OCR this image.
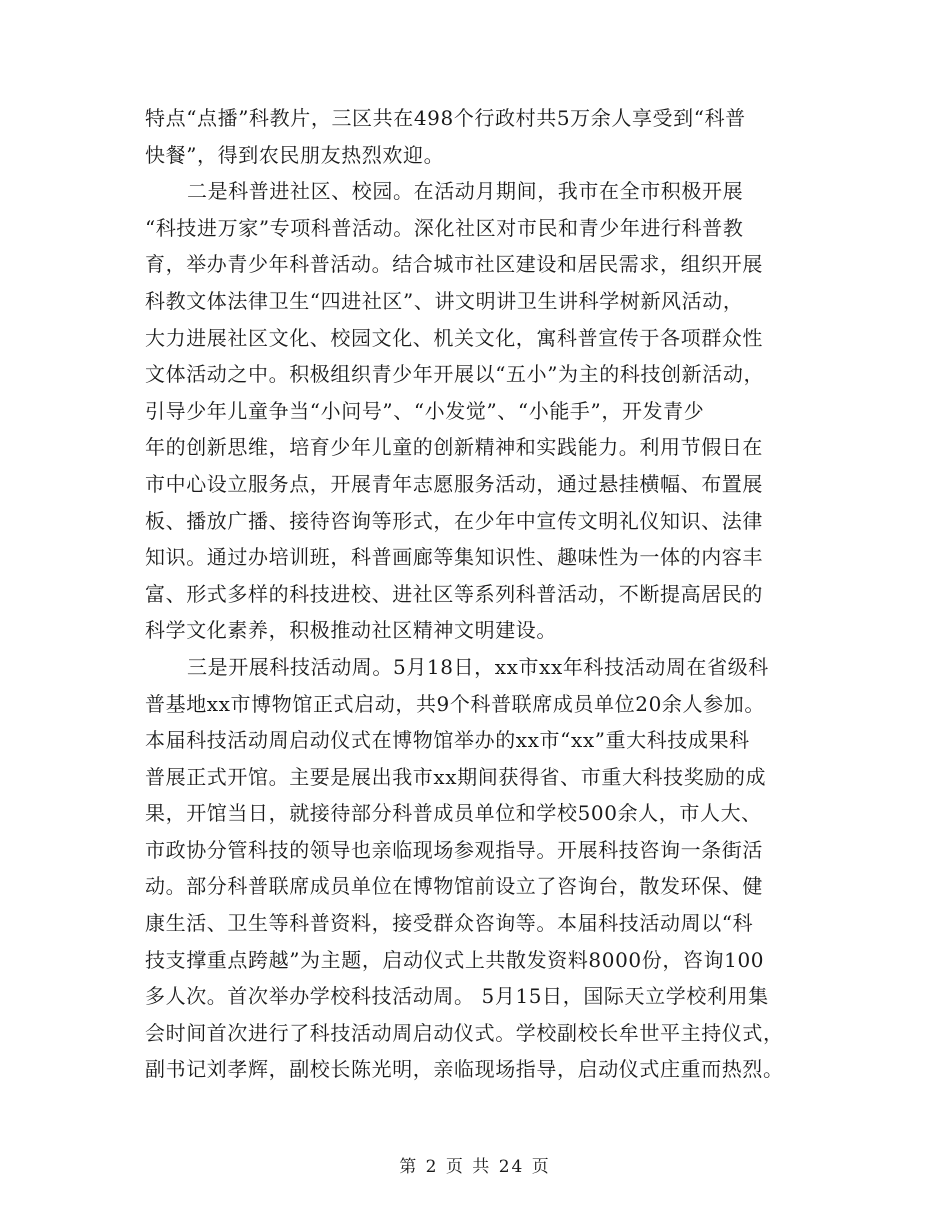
特点“点播”科教片，三区共在498个行政村共5万余人享受到“科普
快餐”，得到农民朋友热烈欢迎。
二是科普进社区、校园。在活动月期间，我市在全市积极开展
“科技进万家”专项科普活动。深化社区对市民和青少年进行科普教
育，举办青少年科普活动。结合城市社区建设和居民需求，组织开展
科教文体法律卫生“四进社区”、讲文明讲卫生讲科学树新风活动，
大力进展社区文化、校园文化、机关文化，寓科普宣传于各项群众性
文体活动之中。积极组织青少年开展以“五小”为主的科技创新活动，
引导少年儿童争当“小问号”、“小发觉”、“小能手”，开发青少
年的创新思维，培育少年儿童的创新精神和实践能力。利用节假日在
市中心设立服务点，开展青年志愿服务活动，通过悬挂横幅、布置展
板、播放广播、接待咨询等形式，在少年中宣传文明礼仪知识、法律
知识。通过办培训班，科普画廊等集知识性、趣味性为一体的内容丰
富、形式多样的科技进校、进社区等系列科普活动，不断提高居民的
科学文化素养，积极推动社区精神文明建设。
三是开展科技活动周。5月18日，xx市xx年科技活动周在省级科
普基地xx市博物馆正式启动，共9个科普联席成员单位20余人参加。
本届科技活动周启动仪式在博物馆举办的xx市“xx”重大科技成果科
普展正式开馆。主要是展出我市xx期间获得省、市重大科技奖励的成
果，开馆当日，就接待部分科普成员单位和学校500余人，市人大、
市政协分管科技的领导也亲临现场参观指导。开展科技咨询一条街活
动。部分科普联席成员单位在博物馆前设立了咨询台，散发环保、健
康生活、卫生等科普资料，接受群众咨询等。本届科技活动周以“科
技支撑重点跨越”为主题，启动仪式上共散发资料8000份，咨询100
多人次。首次举办学校科技活动周。 5月15日，国际天立学校利用集
会时间首次进行了科技活动周启动仪式。学校副校长牟世平主持仪式，
副书记刘孝辉，副校长陈光明，亲临现场指导，启动仪式庄重而热烈。
第 2 页 共 24 页
